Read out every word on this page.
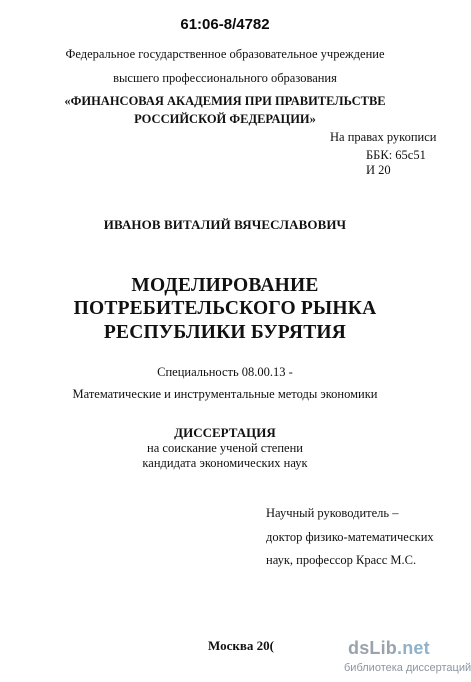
61:06-8/4782
Федеральное государственное образовательное учреждение
высшего профессионального образования
«ФИНАНСОВАЯ АКАДЕМИЯ ПРИ ПРАВИТЕЛЬСТВЕ
РОССИЙСКОЙ ФЕДЕРАЦИИ»
На правах рукописи
ББК: 65с51
И 20
ИВАНОВ ВИТАЛИЙ ВЯЧЕСЛАВОВИЧ
МОДЕЛИРОВАНИЕ
ПОТРЕБИТЕЛЬСКОГО РЫНКА
РЕСПУБЛИКИ БУРЯТИЯ
Специальность 08.00.13 -
Математические и инструментальные методы экономики
ДИССЕРТАЦИЯ
на соискание ученой степени
кандидата экономических наук
Научный руководитель –
доктор физико-математических
наук, профессор Красс М.С.
Москва 20(	dsLib.net
библиотека диссертаций
